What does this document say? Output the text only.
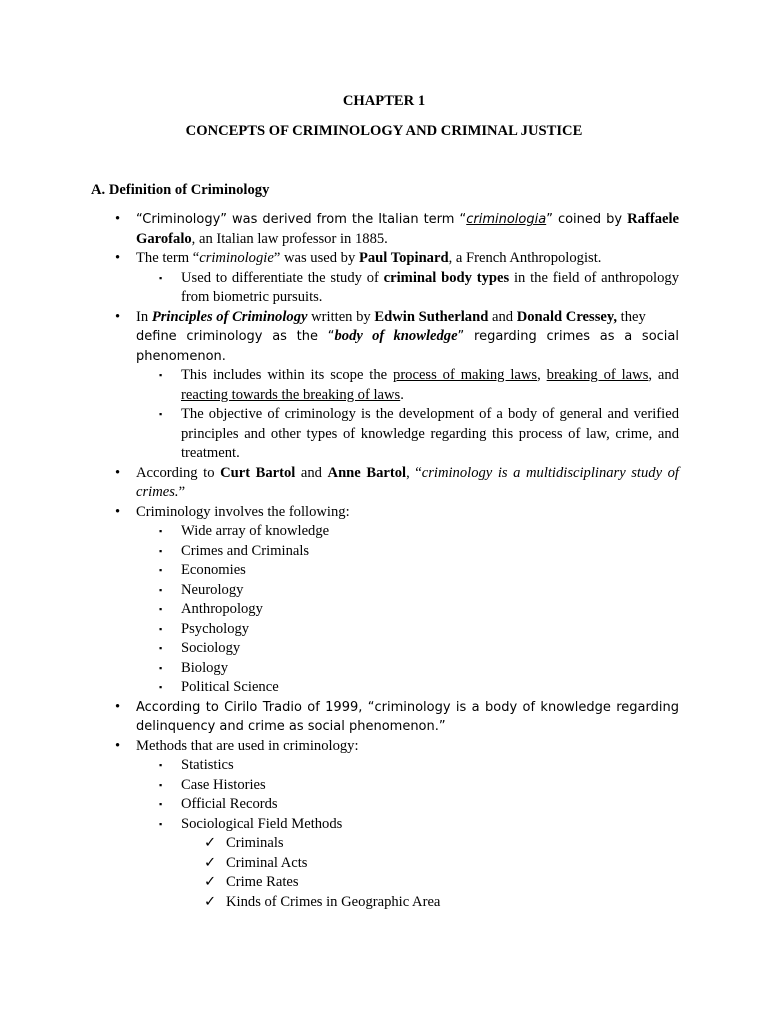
CHAPTER 1
CONCEPTS OF CRIMINOLOGY AND CRIMINAL JUSTICE
A. Definition of Criminology

• “Criminology” was derived from the Italian term “criminologia” coined by Raffaele Garofalo, an Italian law professor in 1885.

• The term “criminologie” was used by Paul Topinard, a French Anthropologist.

▪ Used to differentiate the study of criminal body types in the field of anthropology from biometric pursuits.

• In Principles of Criminology written by Edwin Sutherland and Donald Cressey, they
define criminology as the “body of knowledge” regarding crimes as a social phenomenon.

▪ This includes within its scope the process of making laws, breaking of laws, and reacting towards the breaking of laws.

▪ The objective of criminology is the development of a body of general and verified principles and other types of knowledge regarding this process of law, crime, and treatment.

• According to Curt Bartol and Anne Bartol, “criminology is a multidisciplinary study of crimes.”

• Criminology involves the following:

▪ Wide array of knowledge

▪ Crimes and Criminals

▪ Economies

▪ Neurology

▪ Anthropology

▪ Psychology

▪ Sociology

▪ Biology

▪ Political Science

• According to Cirilo Tradio of 1999, “criminology is a body of knowledge regarding delinquency and crime as social phenomenon.”

• Methods that are used in criminology:

▪ Statistics

▪ Case Histories

▪ Official Records

▪ Sociological Field Methods

✓ Criminals

✓ Criminal Acts

✓ Crime Rates

✓ Kinds of Crimes in Geographic Area
